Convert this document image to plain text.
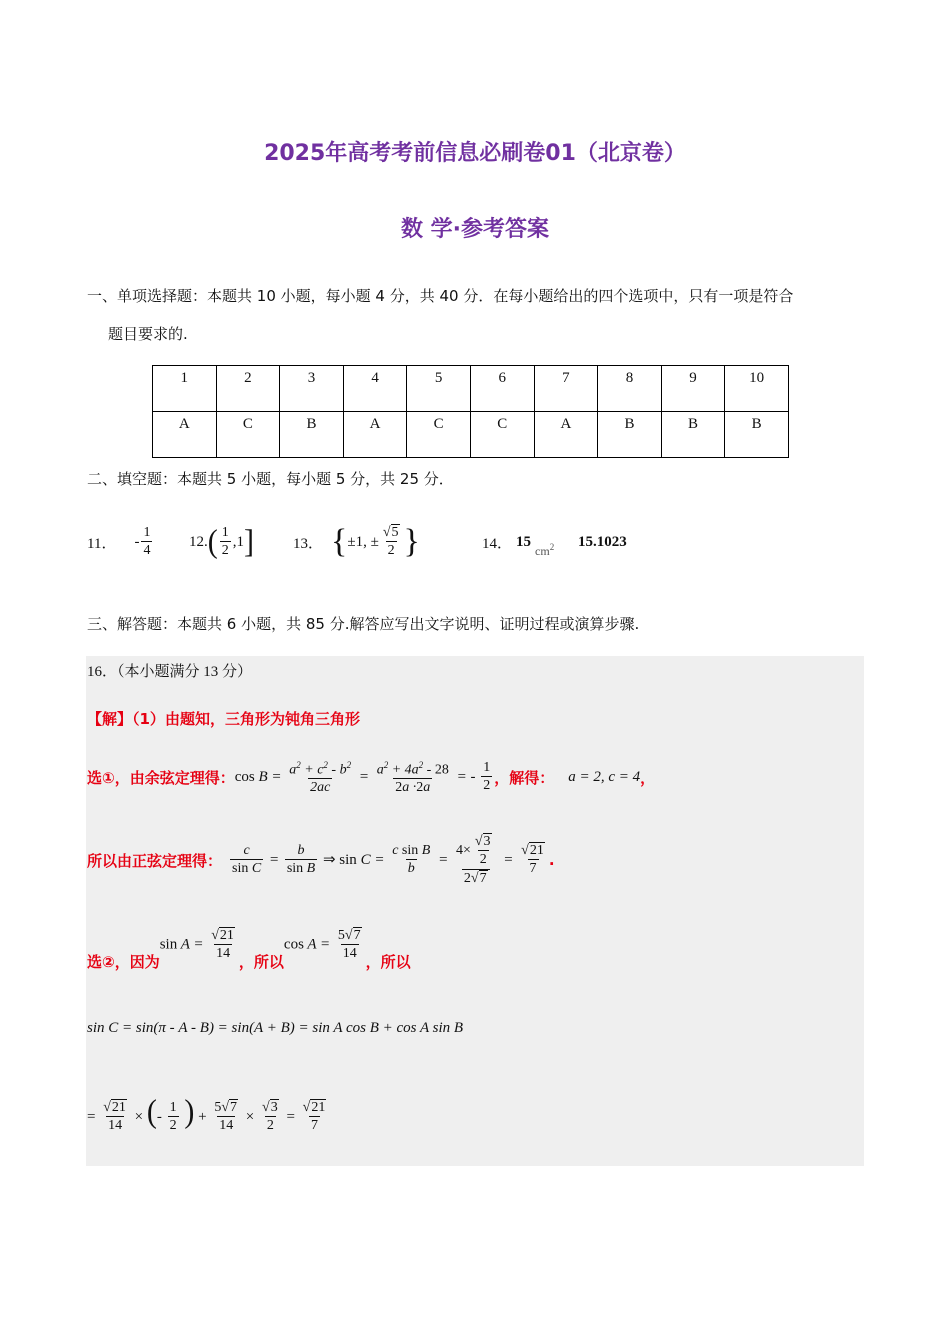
2025年高考考前信息必刷卷01（北京卷）
数 学·参考答案
一、单项选择题：本题共 10 小题，每小题 4 分，共 40 分．在每小题给出的四个选项中，只有一项是符合
题目要求的.
1	2	3	4	5	6	7	8	9	10
A	C	B	A	C	C	A	B	B	B
二、填空题：本题共 5 小题，每小题 5 分，共 25 分．
11． - $\frac{1}{4} 12$. ( $\frac{1}{2} ,1$ ]	13． { ±1, ± $\frac{√ 5}{2}$ }	14． 15
$cm^2$ 15.1023
三、解答题：本题共 6 小题，共 85 分.解答应写出文字说明、证明过程或演算步骤.
16．（本小题满分 13 分）
【解】（1）由题知，三角形为钝角三角形
选①，由余弦定理得： $\cos B = \frac{a^2 + c^2 - b^2}{2ac} = \frac{a^2 + 4a^2 - 28}{2a \cdot 2a}$ = - $\frac{1}{2}$ ，解得： a = 2, c = 4 ，
所以由正弦定理得： $\frac{c}{\text{sin C}} = \frac{b}{\text{sin B}}$ ⇒ $\sin C = \frac{\text{c sin B}}{b} = \frac{4\times \frac{√ 3}{2}}{2 √ 7} = \frac{√ 21}{7}$ .
选②，因为
$\sin A = \frac{√ 21}{14}$ ，所以
$\cos A = \frac{5 √ 7}{14}$ ，所以
sin C = sin(π - A - B) = sin(A + B) = sin A cos B + cos A sin B
= $\frac{√ 21}{14}$ × (- $\frac{1}{2}$ ) + $\frac{5 √ 7}{14} \times \frac{√ 3}{2} = \frac{√ 21}{7}$
